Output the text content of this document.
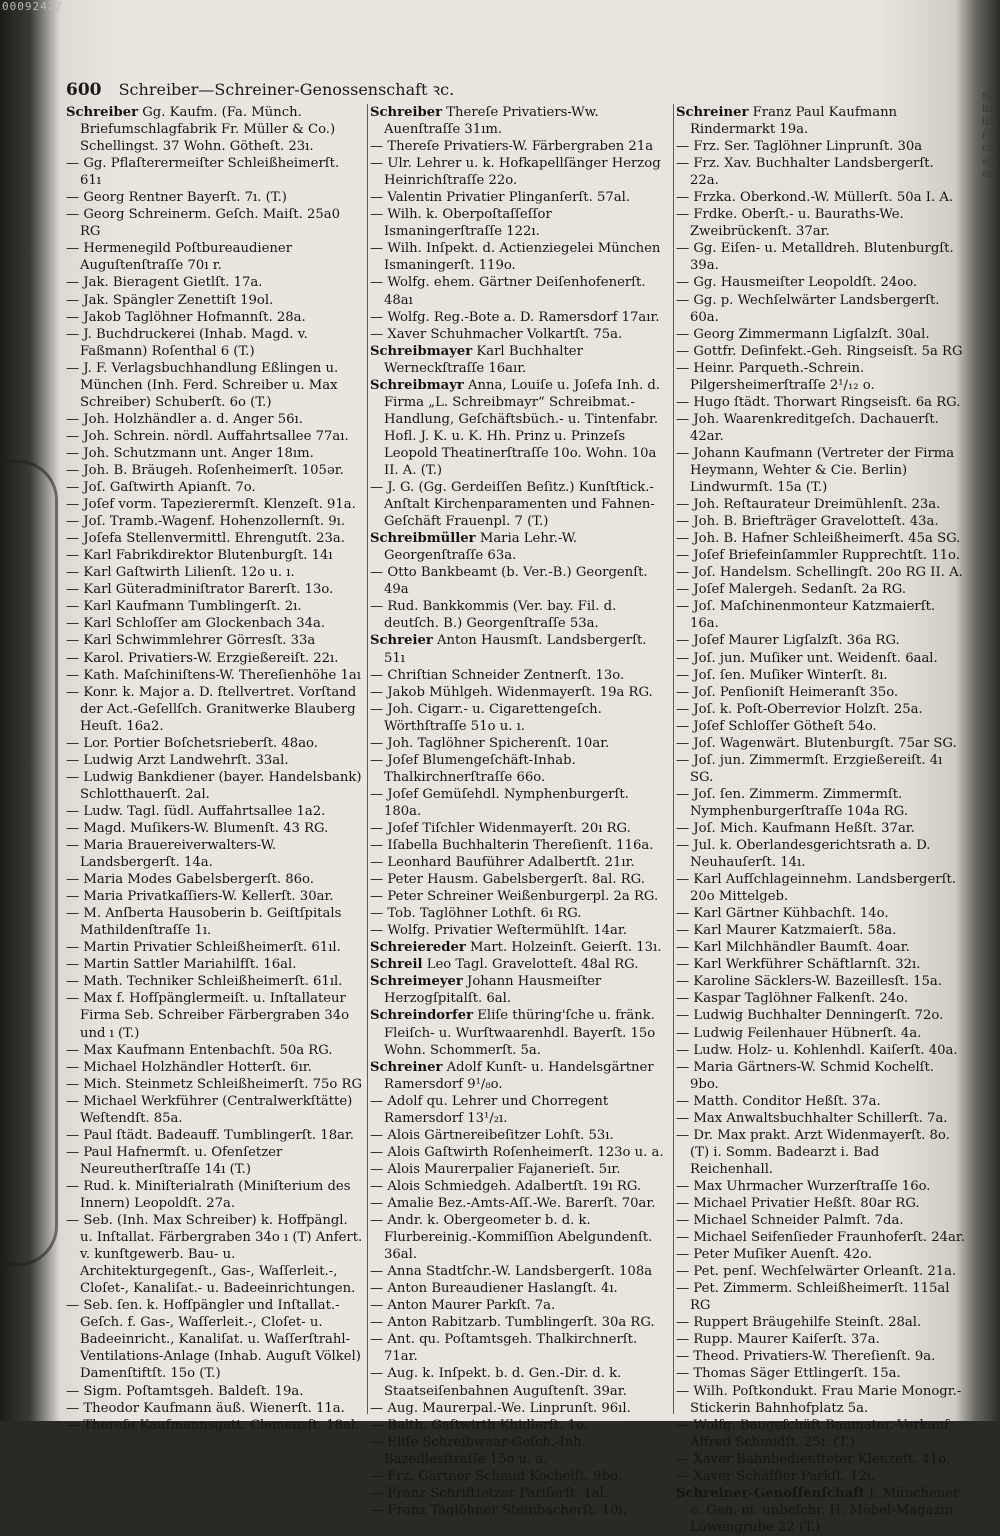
00092427
Schreiber Schreiner
600 Schreiber—Schreiner-Genossenschaft ꝛc.

Schreiber Gg. Kaufm. (Fa. Münch. Briefumschlagfabrik Fr. Müller & Co.) Schellingst. 37 Wohn. Götheſt. 23ı.

— Gg. Pflaſterermeiſter Schleißheimerſt. 61ı

— Georg Rentner Bayerſt. 7ı. (T.)

— Georg Schreinerm. Geſch. Maiſt. 25a0 RG

— Hermenegild Poſtbureaudiener Auguſtenſtraſſe 70ı r.

— Jak. Bieragent Gietlſt. 17a.

— Jak. Spängler Zenettiſt 19ol.

— Jakob Taglöhner Hofmannſt. 28a.

— J. Buchdruckerei (Inhab. Magd. v. Faßmann) Roſenthal 6 (T.)

— J. F. Verlagsbuchhandlung Eßlingen u. München (Inh. Ferd. Schreiber u. Max Schreiber) Schuberſt. 6o (T.)

— Joh. Holzhändler a. d. Anger 56ı.

— Joh. Schrein. nördl. Auffahrtsallee 77aı.

— Joh. Schutzmann unt. Anger 18ım.

— Joh. B. Bräugeh. Roſenheimerſt. 105ər.

— Joſ. Gaſtwirth Apianſt. 7o.

— Joſef vorm. Tapezierermſt. Klenzeſt. 91a.

— Joſ. Tramb.-Wagenf. Hohenzollernſt. 9ı.

— Joſefa Stellenvermittl. Ehrengutſt. 23a.

— Karl Fabrikdirektor Blutenburgſt. 14ı

— Karl Gaſtwirth Lilienſt. 12o u. ı.

— Karl Güteradminiſtrator Barerſt. 13o.

— Karl Kaufmann Tumblingerſt. 2ı.

— Karl Schloſſer am Glockenbach 34a.

— Karl Schwimmlehrer Görresſt. 33a

— Karol. Privatiers-W. Erzgießereiſt. 22ı.

— Kath. Maſchiniſtens-W. Thereſienhöhe 1aı

— Konr. k. Major a. D. ſtellvertret. Vorſtand der Act.-Geſellſch. Granitwerke Blauberg Heuſt. 16a2.

— Lor. Portier Boſchetsrieberſt. 48ao.

— Ludwig Arzt Landwehrſt. 33al.

— Ludwig Bankdiener (bayer. Handelsbank) Schlotthauerſt. 2al.

— Ludw. Tagl. ſüdl. Auffahrtsallee 1a2.

— Magd. Muſikers-W. Blumenſt. 43 RG.

— Maria Brauereiverwalters-W. Landsbergerſt. 14a.

— Maria Modes Gabelsbergerſt. 86o.

— Maria Privatkaſſiers-W. Kellerſt. 30ar.

— M. Anſberta Hausoberin b. Geiſtſpitals Mathildenſtraſſe 1ı.

— Martin Privatier Schleißheimerſt. 61ıl.

— Martin Sattler Mariahilfſt. 16al.

— Math. Techniker Schleißheimerſt. 61ıl.

— Max f. Hofſpänglermeiſt. u. Inſtallateur Firma Seb. Schreiber Färbergraben 34o und ı (T.)

— Max Kaufmann Entenbachſt. 50a RG.

— Michael Holzhändler Hotterſt. 6ır.

— Mich. Steinmetz Schleißheimerſt. 75o RG

— Michael Werkführer (Centralwerkſtätte) Weſtendſt. 85a.

— Paul ſtädt. Badeauff. Tumblingerſt. 18ar.

— Paul Hafnermſt. u. Ofenſetzer Neureutherſtraſſe 14ı (T.)

— Rud. k. Miniſterialrath (Miniſterium des Innern) Leopoldſt. 27a.

— Seb. (Inh. Max Schreiber) k. Hoffpängl. u. Inſtallat. Färbergraben 34o ı (T) Anfert. v. kunſtgewerb. Bau- u. Architekturgegenſt., Gas-, Waſſerleit.-, Cloſet-, Kanaliſat.- u. Badeeinrichtungen.

— Seb. ſen. k. Hofſpängler und Inſtallat.-Geſch. f. Gas-, Waſſerleit.-, Cloſet- u. Badeeinricht., Kanaliſat. u. Waſſerſtrahl-Ventilations-Anlage (Inhab. Auguſt Völkel) Damenſtiftſt. 15o (T.)

— Sigm. Poſtamtsgeh. Baldeſt. 19a.

— Theodor Kaufmann äuß. Wienerſt. 11a.

— Thereſe Kaufmannsgatt. Clemensſt. 18al.

Schreiber Thereſe Privatiers-Ww. Auenſtraſſe 31ım.

— Thereſe Privatiers-W. Färbergraben 21a

— Ulr. Lehrer u. k. Hofkapellſänger Herzog Heinrichſtraſſe 22o.

— Valentin Privatier Plinganſerſt. 57al.

— Wilh. k. Oberpoſtaſſeſſor Ismaningerſtraſſe 122ı.

— Wilh. Inſpekt. d. Actienziegelei München Ismaningerſt. 119o.

— Wolfg. ehem. Gärtner Deiſenhofenerſt. 48aı

— Wolfg. Reg.-Bote a. D. Ramersdorf 17aır.

— Xaver Schuhmacher Volkartſt. 75a.

Schreibmayer Karl Buchhalter Werneckſtraſſe 16aır.

Schreibmayr Anna, Louiſe u. Joſefa Inh. d. Firma „L. Schreibmayr“ Schreibmat.-Handlung, Geſchäftsbüch.- u. Tintenfabr. Hofl. J. K. u. K. Hh. Prinz u. Prinzeſs Leopold Theatinerſtraſſe 10o. Wohn. 10a II. A. (T.)

— J. G. (Gg. Gerdeiſſen Beſitz.) Kunſtſtick.-Anſtalt Kirchenparamenten und Fahnen-Geſchäft Frauenpl. 7 (T.)

Schreibmüller Maria Lehr.-W. Georgenſtraſſe 63a.

— Otto Bankbeamt (b. Ver.-B.) Georgenſt. 49a

— Rud. Bankkommis (Ver. bay. Fil. d. deutſch. B.) Georgenſtraſſe 53a.

Schreier Anton Hausmſt. Landsbergerſt. 51ı

— Chriſtian Schneider Zentnerſt. 13o.

— Jakob Mühlgeh. Widenmayerſt. 19a RG.

— Joh. Cigarr.- u. Cigarettengeſch. Wörthſtraſſe 51o u. ı.

— Joh. Taglöhner Spicherenſt. 10ar.

— Joſef Blumengeſchäft-Inhab. Thalkirchnerſtraſſe 66o.

— Joſef Gemüſehdl. Nymphenburgerſt. 180a.

— Joſef Tiſchler Widenmayerſt. 20ı RG.

— Iſabella Buchhalterin Thereſienſt. 116a.

— Leonhard Bauführer Adalbertſt. 21ır.

— Peter Hausm. Gabelsbergerſt. 8al. RG.

— Peter Schreiner Weißenburgerpl. 2a RG.

— Tob. Taglöhner Lothſt. 6ı RG.

— Wolfg. Privatier Weſtermühlſt. 14ar.

Schreiereder Mart. Holzeinſt. Geierſt. 13ı.

Schreil Leo Tagl. Gravelotteſt. 48al RG.

Schreimeyer Johann Hausmeiſter Herzogſpitalſt. 6al.

Schreindorfer Eliſe thüring'ſche u. fränk. Fleiſch- u. Wurſtwaarenhdl. Bayerſt. 15o Wohn. Schommerſt. 5a.

Schreiner Adolf Kunſt- u. Handelsgärtner Ramersdorf 9¹/₈o.

— Adolf qu. Lehrer und Chorregent Ramersdorf 13¹/₂ı.

— Alois Gärtnereibeſitzer Lohſt. 53ı.

— Alois Gaſtwirth Roſenheimerſt. 123o u. a.

— Alois Maurerpalier Fajanerieſt. 5ır.

— Alois Schmiedgeh. Adalbertſt. 19ı RG.

— Amalie Bez.-Amts-Aſſ.-We. Barerſt. 70ar.

— Andr. k. Obergeometer b. d. k. Flurbereinig.-Kommiſſion Abelgundenſt. 36al.

— Anna Stadtſchr.-W. Landsbergerſt. 108a

— Anton Bureaudiener Haslangſt. 4ı.

— Anton Maurer Parkſt. 7a.

— Anton Rabitzarb. Tumblingerſt. 30a RG.

— Ant. qu. Poſtamtsgeh. Thalkirchnerſt. 71ar.

— Aug. k. Inſpekt. b. d. Gen.-Dir. d. k. Staatseiſenbahnen Auguſtenſt. 39ar.

— Aug. Maurerpal.-We. Linprunſt. 96ıl.

— Balth. Gaſtwirth Khidlerſt. 1o.

— Eliſe Schreibwaar-Geſch.-Inh. Bazeillesſtraſſe 15o u. a.

— Frz. Gärtner Schmid Kochelſt. 9bo.

— Franz Schriftſetzer Pariſerſt. 1al.

— Franz Taglöhner Steinbacherſt. 10ı.

Schreiner Franz Paul Kaufmann Rindermarkt 19a.

— Frz. Ser. Taglöhner Linprunſt. 30a

— Frz. Xav. Buchhalter Landsbergerſt. 22a.

— Frzka. Oberkond.-W. Müllerſt. 50a I. A.

— Frdke. Oberſt.- u. Bauraths-We. Zweibrückenſt. 37ar.

— Gg. Eiſen- u. Metalldreh. Blutenburgſt. 39a.

— Gg. Hausmeiſter Leopoldſt. 24oo.

— Gg. p. Wechſelwärter Landsbergerſt. 60a.

— Georg Zimmermann Ligſalzſt. 30al.

— Gottfr. Deſinfekt.-Geh. Ringseisſt. 5a RG

— Heinr. Parqueth.-Schrein. Pilgersheimerſtraſſe 2¹/₁₂ o.

— Hugo ſtädt. Thorwart Ringseisſt. 6a RG.

— Joh. Waarenkreditgeſch. Dachauerſt. 42ar.

— Johann Kaufmann (Vertreter der Firma Heymann, Wehter & Cie. Berlin) Lindwurmſt. 15a (T.)

— Joh. Reſtaurateur Dreimühlenſt. 23a.

— Joh. B. Briefträger Gravelotteſt. 43a.

— Joh. B. Hafner Schleißheimerſt. 45a SG.

— Joſef Briefeinſammler Rupprechtſt. 11o.

— Joſ. Handelsm. Schellingſt. 20o RG II. A.

— Joſef Malergeh. Sedanſt. 2a RG.

— Joſ. Maſchinenmonteur Katzmaierſt. 16a.

— Joſef Maurer Ligſalzſt. 36a RG.

— Joſ. jun. Muſiker unt. Weidenſt. 6aal.

— Joſ. ſen. Muſiker Winterſt. 8ı.

— Joſ. Penſioniſt Heimeranſt 35o.

— Joſ. k. Poſt-Oberrevior Holzſt. 25a.

— Joſef Schloſſer Götheſt 54o.

— Joſ. Wagenwärt. Blutenburgſt. 75ar SG.

— Joſ. jun. Zimmermſt. Erzgießereiſt. 4ı SG.

— Joſ. ſen. Zimmerm. Zimmermſt. Nymphenburgerſtraſſe 104a RG.

— Joſ. Mich. Kaufmann Heßſt. 37ar.

— Jul. k. Oberlandesgerichtsrath a. D. Neuhauſerſt. 14ı.

— Karl Aufſchlageinnehm. Landsbergerſt. 20o Mittelgeb.

— Karl Gärtner Kühbachſt. 14o.

— Karl Maurer Katzmaierſt. 58a.

— Karl Milchhändler Baumſt. 4oar.

— Karl Werkführer Schäftlarnſt. 32ı.

— Karoline Säcklers-W. Bazeillesſt. 15a.

— Kaspar Taglöhner Falkenſt. 24o.

— Ludwig Buchhalter Denningerſt. 72o.

— Ludwig Feilenhauer Hübnerſt. 4a.

— Ludw. Holz- u. Kohlenhdl. Kaiſerſt. 40a.

— Maria Gärtners-W. Schmid Kochelſt. 9bo.

— Matth. Conditor Heßſt. 37a.

— Max Anwaltsbuchhalter Schillerſt. 7a.

— Dr. Max prakt. Arzt Widenmayerſt. 8o. (T) i. Somm. Badearzt i. Bad Reichenhall.

— Max Uhrmacher Wurzerſtraſſe 16o.

— Michael Privatier Heßſt. 80ar RG.

— Michael Schneider Palmſt. 7da.

— Michael Seifenſieder Fraunhoferſt. 24ar.

— Peter Muſiker Auenſt. 42o.

— Pet. penſ. Wechſelwärter Orleanſt. 21a.

— Pet. Zimmerm. Schleißheimerſt. 115al RG

— Ruppert Bräugehilfe Steinſt. 28al.

— Rupp. Maurer Kaiſerſt. 37a.

— Theod. Privatiers-W. Thereſienſt. 9a.

— Thomas Säger Ettlingerſt. 15a.

— Wilh. Poſtkondukt. Frau Marie Monogr.-Stickerin Bahnhofplatz 5a.

— Wolfg. Baugeſchäft Baumater.-Verkauf Alfred Schmidſt. 25ı. (T.)

— Xaver Bahnbedienſteter Klenzeſt. 41o.

— Xaver Schäffler Parkſt. 12ı.

Schreiner-Genoſſenſchaft I. Münchener e. Gen. m. unbeſchr. H. Möbel-Magazin Löwengrube 22 (T.)
